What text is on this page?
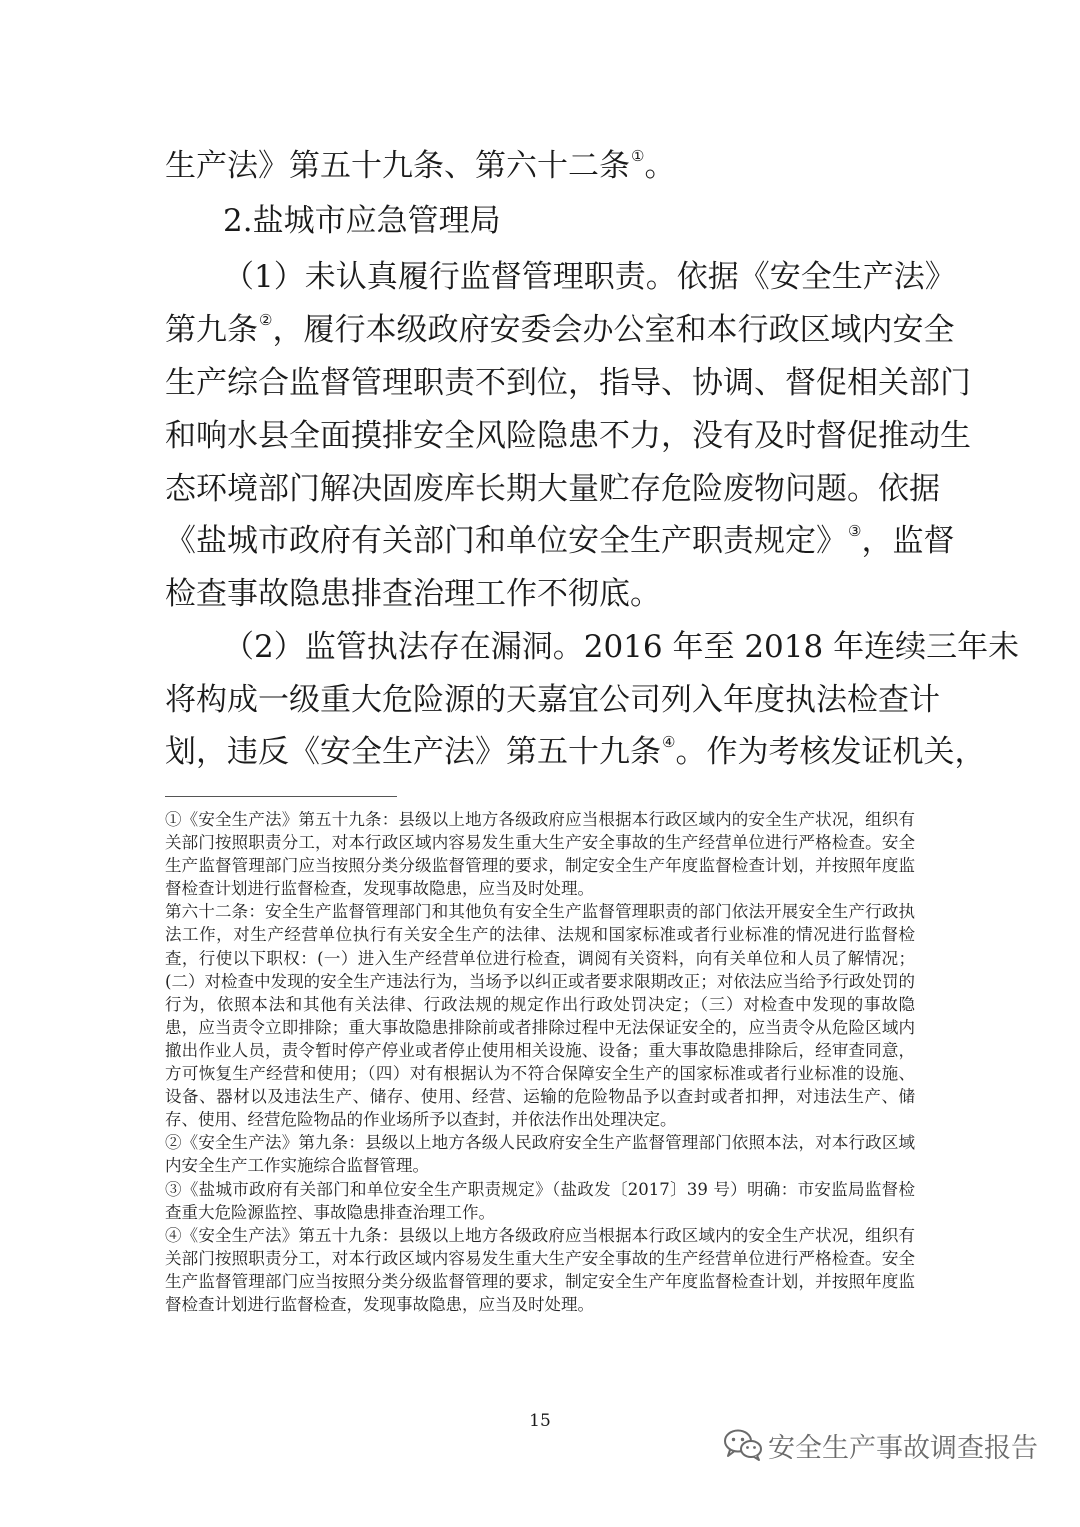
生产法》第五十九条、第六十二条①。
2.盐城市应急管理局
（1）未认真履行监督管理职责。依据《安全生产法》
第九条②，履行本级政府安委会办公室和本行政区域内安全
生产综合监督管理职责不到位，指导、协调、督促相关部门
和响水县全面摸排安全风险隐患不力，没有及时督促推动生
态环境部门解决固废库长期大量贮存危险废物问题。依据
《盐城市政府有关部门和单位安全生产职责规定》③，监督
检查事故隐患排查治理工作不彻底。
（2）监管执法存在漏洞。2016 年至 2018 年连续三年未
将构成一级重大危险源的天嘉宜公司列入年度执法检查计
划，违反《安全生产法》第五十九条④。作为考核发证机关，

①《安全生产法》第五十九条：县级以上地方各级政府应当根据本行政区域内的安全生产状况，组织有关部门按照职责分工，对本行政区域内容易发生重大生产安全事故的生产经营单位进行严格检查。安全生产监督管理部门应当按照分类分级监督管理的要求，制定安全生产年度监督检查计划，并按照年度监督检查计划进行监督检查，发现事故隐患，应当及时处理。

第六十二条：安全生产监督管理部门和其他负有安全生产监督管理职责的部门依法开展安全生产行政执法工作，对生产经营单位执行有关安全生产的法律、法规和国家标准或者行业标准的情况进行监督检查，行使以下职权：(一）进入生产经营单位进行检查，调阅有关资料，向有关单位和人员了解情况；(二）对检查中发现的安全生产违法行为，当场予以纠正或者要求限期改正；对依法应当给予行政处罚的行为，依照本法和其他有关法律、行政法规的规定作出行政处罚决定；（三）对检查中发现的事故隐患，应当责令立即排除；重大事故隐患排除前或者排除过程中无法保证安全的，应当责令从危险区域内撤出作业人员，责令暂时停产停业或者停止使用相关设施、设备；重大事故隐患排除后，经审查同意，方可恢复生产经营和使用；（四）对有根据认为不符合保障安全生产的国家标准或者行业标准的设施、设备、器材以及违法生产、储存、使用、经营、运输的危险物品予以查封或者扣押，对违法生产、储存、使用、经营危险物品的作业场所予以查封，并依法作出处理决定。

②《安全生产法》第九条：县级以上地方各级人民政府安全生产监督管理部门依照本法，对本行政区域内安全生产工作实施综合监督管理。

③《盐城市政府有关部门和单位安全生产职责规定》（盐政发〔2017〕39 号）明确：市安监局监督检查重大危险源监控、事故隐患排查治理工作。

④《安全生产法》第五十九条：县级以上地方各级政府应当根据本行政区域内的安全生产状况，组织有关部门按照职责分工，对本行政区域内容易发生重大生产安全事故的生产经营单位进行严格检查。安全生产监督管理部门应当按照分类分级监督管理的要求，制定安全生产年度监督检查计划，并按照年度监督检查计划进行监督检查，发现事故隐患，应当及时处理。

15
安全生产事故调查报告
